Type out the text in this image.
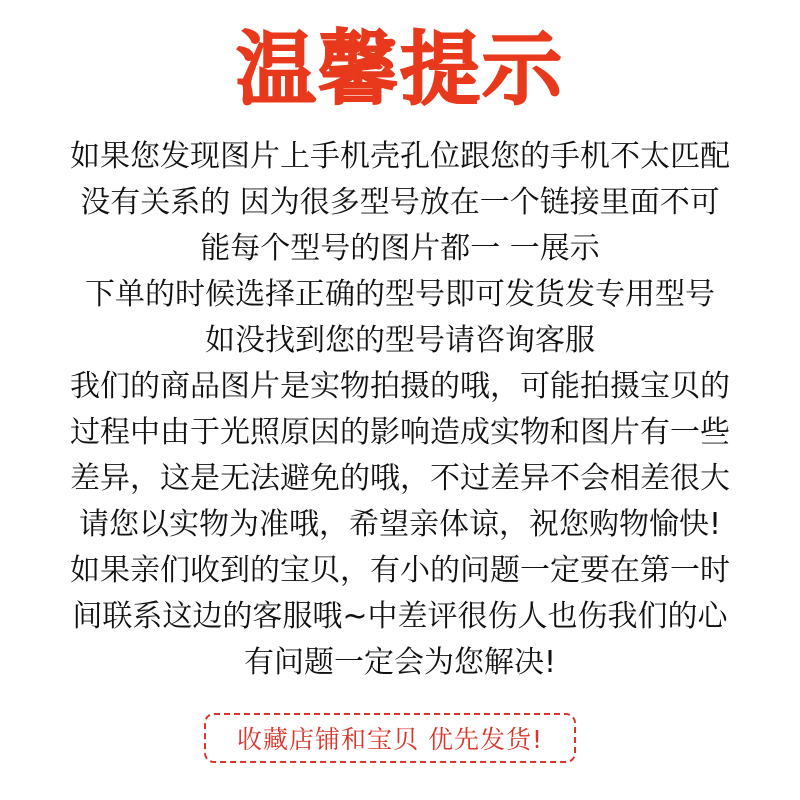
温馨提示
如果您发现图片上手机壳孔位跟您的手机不太匹配
没有关系的 因为很多型号放在一个链接里面不可
能每个型号的图片都一 一展示
下单的时候选择正确的型号即可发货发专用型号
如没找到您的型号请咨询客服
我们的商品图片是实物拍摄的哦，可能拍摄宝贝的
过程中由于光照原因的影响造成实物和图片有一些
差异，这是无法避免的哦，不过差异不会相差很大
请您以实物为准哦，希望亲体谅，祝您购物愉快!
如果亲们收到的宝贝，有小的问题一定要在第一时
间联系这边的客服哦~中差评很伤人也伤我们的心
有问题一定会为您解决!
收藏店铺和宝贝 优先发货!
